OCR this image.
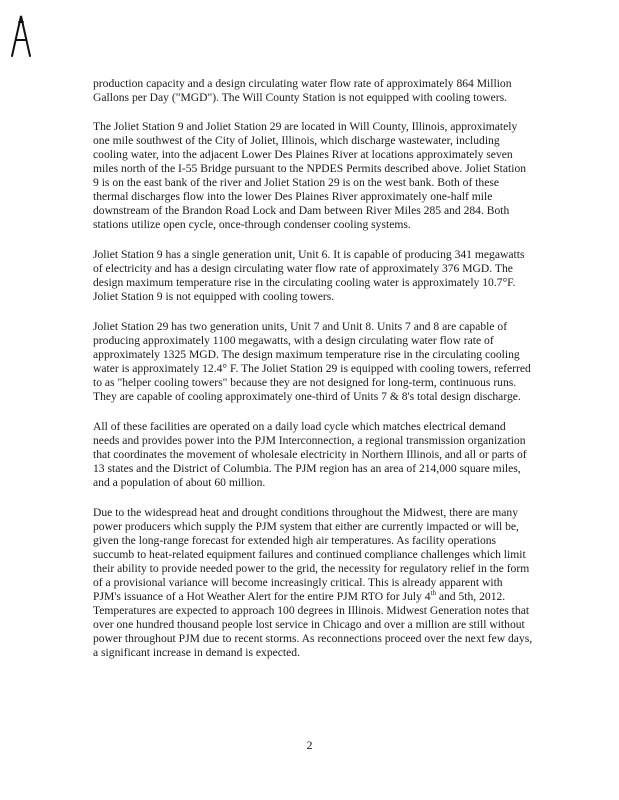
production capacity and a design circulating water flow rate of approximately 864 Million Gallons per Day ("MGD"). The Will County Station is not equipped with cooling towers.

The Joliet Station 9 and Joliet Station 29 are located in Will County, Illinois, approximately one mile southwest of the City of Joliet, Illinois, which discharge wastewater, including cooling water, into the adjacent Lower Des Plaines River at locations approximately seven miles north of the I-55 Bridge pursuant to the NPDES Permits described above. Joliet Station 9 is on the east bank of the river and Joliet Station 29 is on the west bank. Both of these thermal discharges flow into the lower Des Plaines River approximately one-half mile downstream of the Brandon Road Lock and Dam between River Miles 285 and 284. Both stations utilize open cycle, once-through condenser cooling systems.

Joliet Station 9 has a single generation unit, Unit 6. It is capable of producing 341 megawatts of electricity and has a design circulating water flow rate of approximately 376 MGD. The design maximum temperature rise in the circulating cooling water is approximately 10.7°F. Joliet Station 9 is not equipped with cooling towers.

Joliet Station 29 has two generation units, Unit 7 and Unit 8. Units 7 and 8 are capable of producing approximately 1100 megawatts, with a design circulating water flow rate of approximately 1325 MGD. The design maximum temperature rise in the circulating cooling water is approximately 12.4° F. The Joliet Station 29 is equipped with cooling towers, referred to as "helper cooling towers" because they are not designed for long-term, continuous runs. They are capable of cooling approximately one-third of Units 7 & 8's total design discharge.

All of these facilities are operated on a daily load cycle which matches electrical demand needs and provides power into the PJM Interconnection, a regional transmission organization that coordinates the movement of wholesale electricity in Northern Illinois, and all or parts of 13 states and the District of Columbia. The PJM region has an area of 214,000 square miles, and a population of about 60 million.

Due to the widespread heat and drought conditions throughout the Midwest, there are many power producers which supply the PJM system that either are currently impacted or will be, given the long-range forecast for extended high air temperatures. As facility operations succumb to heat-related equipment failures and continued compliance challenges which limit their ability to provide needed power to the grid, the necessity for regulatory relief in the form of a provisional variance will become increasingly critical. This is already apparent with PJM's issuance of a Hot Weather Alert for the entire PJM RTO for July 4th and 5th, 2012. Temperatures are expected to approach 100 degrees in Illinois. Midwest Generation notes that over one hundred thousand people lost service in Chicago and over a million are still without power throughout PJM due to recent storms. As reconnections proceed over the next few days, a significant increase in demand is expected.

2
